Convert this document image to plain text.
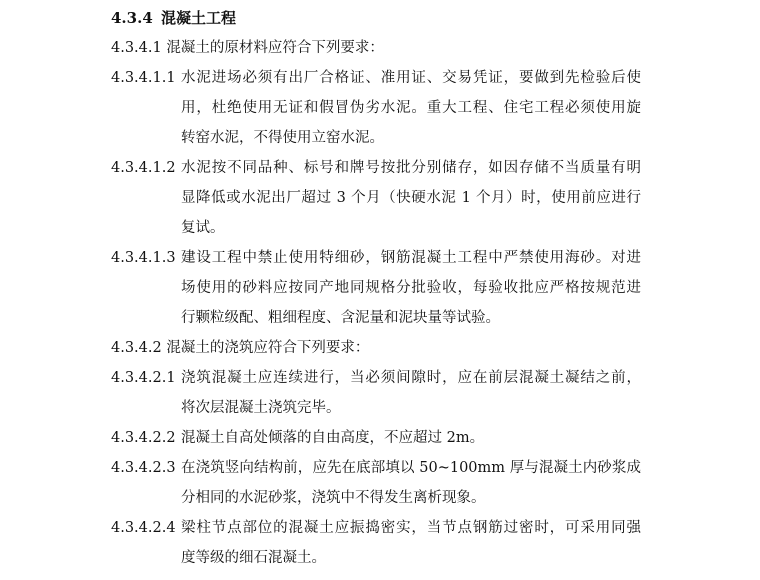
4.3.4 混凝土工程
4.3.4.1 混凝土的原材料应符合下列要求：
4.3.4.1.1 水泥进场必须有出厂合格证、准用证、交易凭证，要做到先检验后使
用，杜绝使用无证和假冒伪劣水泥。重大工程、住宅工程必须使用旋
转窑水泥，不得使用立窑水泥。
4.3.4.1.2 水泥按不同品种、标号和牌号按批分别储存，如因存储不当质量有明
显降低或水泥出厂超过 3 个月（快硬水泥 1 个月）时，使用前应进行
复试。
4.3.4.1.3 建设工程中禁止使用特细砂，钢筋混凝土工程中严禁使用海砂。对进
场使用的砂料应按同产地同规格分批验收，每验收批应严格按规范进
行颗粒级配、粗细程度、含泥量和泥块量等试验。
4.3.4.2 混凝土的浇筑应符合下列要求：
4.3.4.2.1 浇筑混凝土应连续进行，当必须间隙时，应在前层混凝土凝结之前，
将次层混凝土浇筑完毕。
4.3.4.2.2 混凝土自高处倾落的自由高度，不应超过 2m。
4.3.4.2.3 在浇筑竖向结构前，应先在底部填以 50~100mm 厚与混凝土内砂浆成
分相同的水泥砂浆，浇筑中不得发生离析现象。
4.3.4.2.4 梁柱节点部位的混凝土应振捣密实，当节点钢筋过密时，可采用同强
度等级的细石混凝土。
